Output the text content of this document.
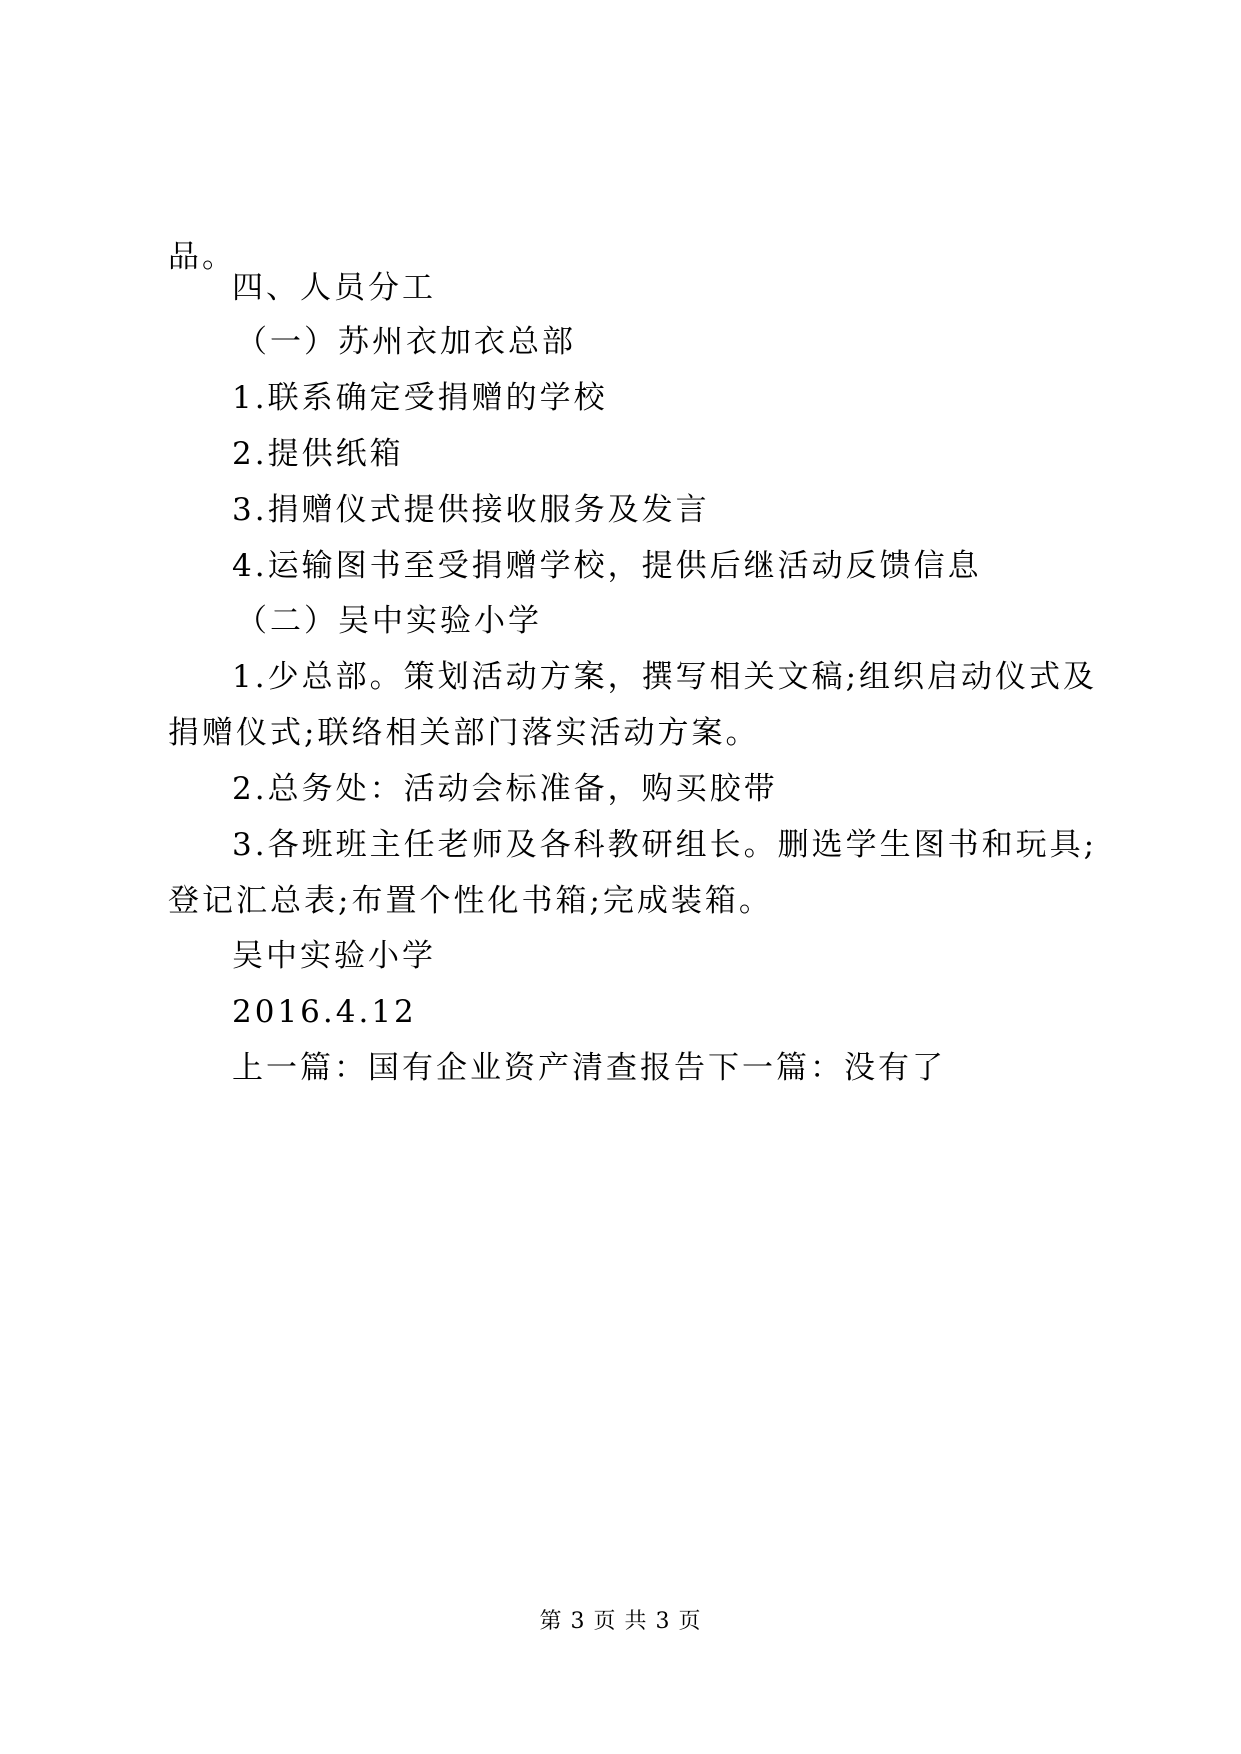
品。
四、人员分工
（一）苏州衣加衣总部
1.联系确定受捐赠的学校
2.提供纸箱
3.捐赠仪式提供接收服务及发言
4.运输图书至受捐赠学校，提供后继活动反馈信息
（二）吴中实验小学
1.少总部。策划活动方案，撰写相关文稿;组织启动仪式及
捐赠仪式;联络相关部门落实活动方案。
2.总务处：活动会标准备，购买胶带
3.各班班主任老师及各科教研组长。删选学生图书和玩具;
登记汇总表;布置个性化书箱;完成装箱。
吴中实验小学
2016.4.12
上一篇：国有企业资产清查报告下一篇：没有了
第 3 页 共 3 页
